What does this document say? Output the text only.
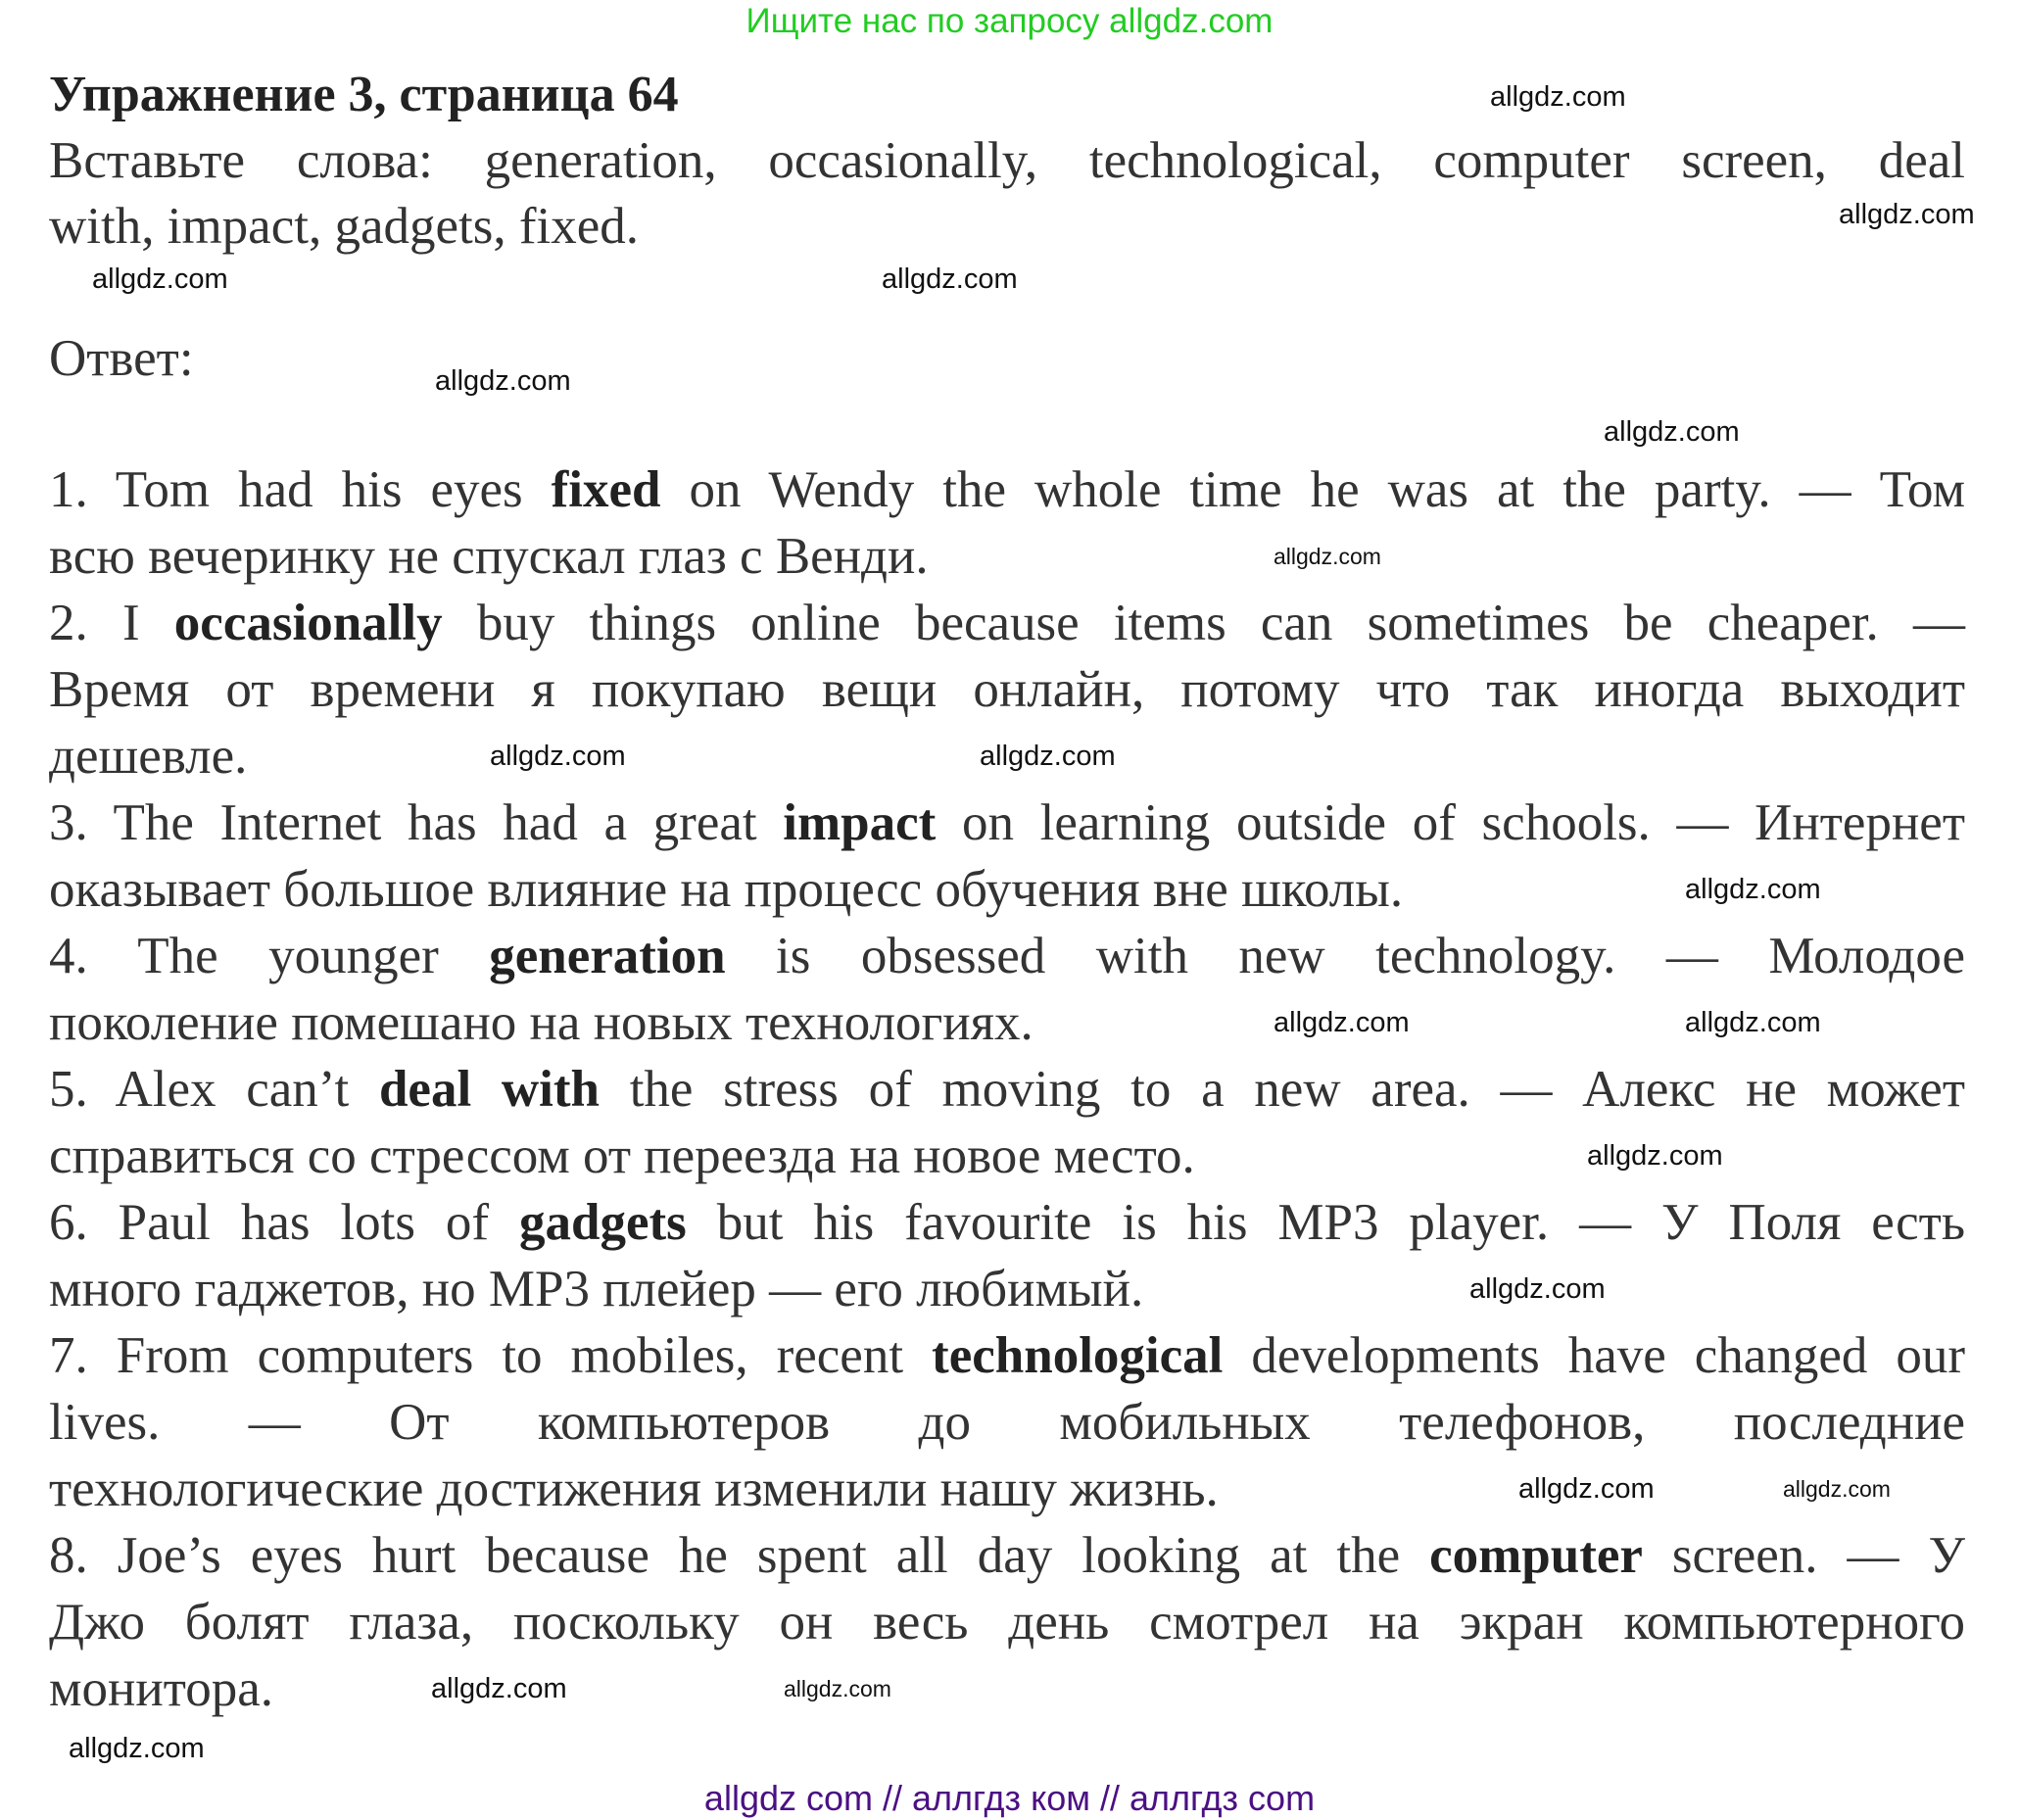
Ищите нас по запросу allgdz.com
Упражнение 3, страница 64
Вставьте слова: generation, occasionally, technological, computer screen, deal
with, impact, gadgets, fixed.
Ответ:
1. Tom had his eyes fixed on Wendy the whole time he was at the party. — Том
всю вечеринку не спускал глаз с Венди.
2. I occasionally buy things online because items can sometimes be cheaper. —
Время от времени я покупаю вещи онлайн, потому что так иногда выходит
дешевле.
3. The Internet has had a great impact on learning outside of schools. — Интернет
оказывает большое влияние на процесс обучения вне школы.
4. The younger generation is obsessed with new technology. — Молодое
поколение помешано на новых технологиях.
5. Alex can’t deal with the stress of moving to a new area. — Алекс не может
справиться со стрессом от переезда на новое место.
6. Paul has lots of gadgets but his favourite is his MP3 player. — У Поля есть
много гаджетов, но MP3 плейер — его любимый.
7. From computers to mobiles, recent technological developments have changed our
lives. — От компьютеров до мобильных телефонов, последние
технологические достижения изменили нашу жизнь.
8. Joe’s eyes hurt because he spent all day looking at the computer screen. — У
Джо болят глаза, поскольку он весь день смотрел на экран компьютерного
монитора.
allgdz.com
allgdz.com
allgdz.com
allgdz.com
allgdz.com
allgdz.com
allgdz.com
allgdz.com	allgdz.com
allgdz.com
allgdz.com
allgdz.com
allgdz.com
allgdz.com
allgdz.com
allgdz.com
allgdz.com
allgdz.com
allgdz.com
allgdz com // аллгдз ком // аллгдз com
